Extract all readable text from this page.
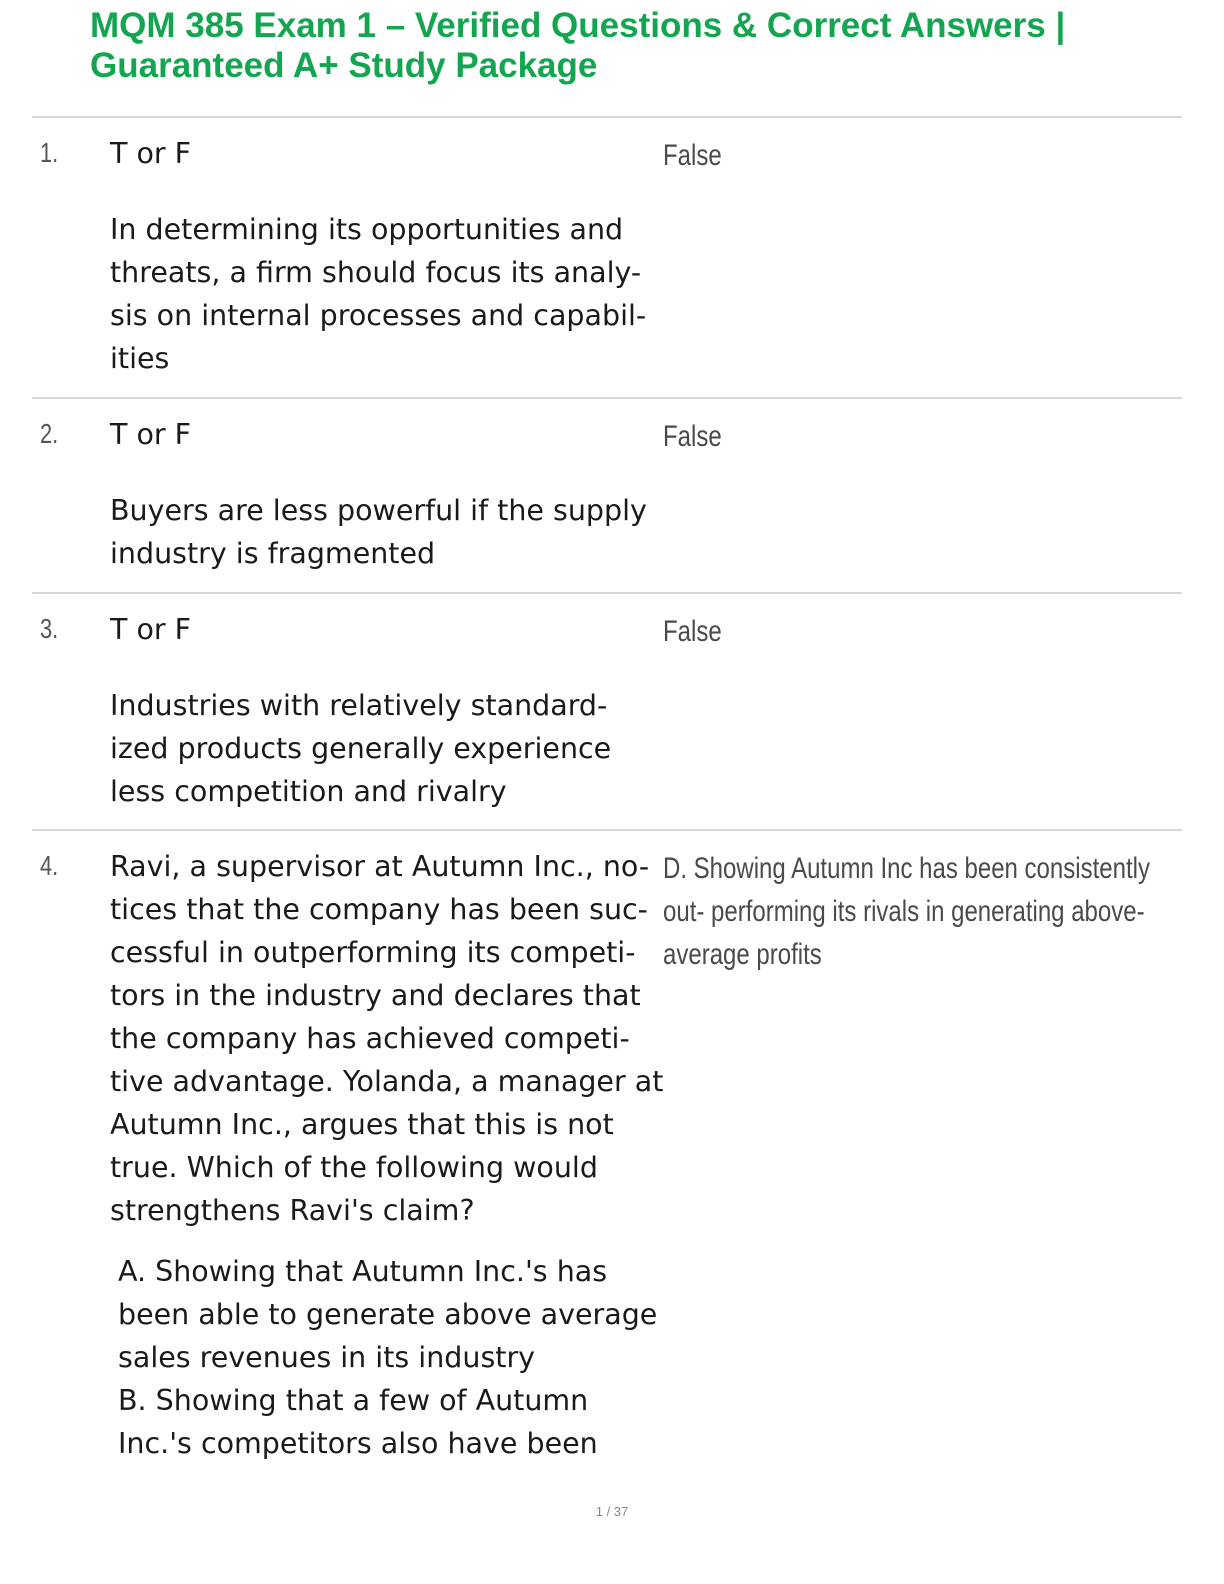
MQM 385 Exam 1 – Verified Questions & Correct Answers |
Guaranteed A+ Study Package
1. T or F

In determining its opportunities and threats, a firm should focus its analy- sis on internal processes and capabil- ities

False
2. T or F

Buyers are less powerful if the supply industry is fragmented

False
3. T or F

Industries with relatively standard- ized products generally experience less competition and rivalry

False
4. Ravi, a supervisor at Autumn Inc., no- tices that the company has been suc- cessful in outperforming its competi- tors in the industry and declares that the company has achieved competi- tive advantage. Yolanda, a manager at Autumn Inc., argues that this is not true. Which of the following would strengthens Ravi's claim?

A. Showing that Autumn Inc.'s has been able to generate above average sales revenues in its industry

B. Showing that a few of Autumn Inc.'s competitors also have been

D. Showing Autumn Inc has been consistently out- performing its rivals in generating above-average profits
1 / 37
